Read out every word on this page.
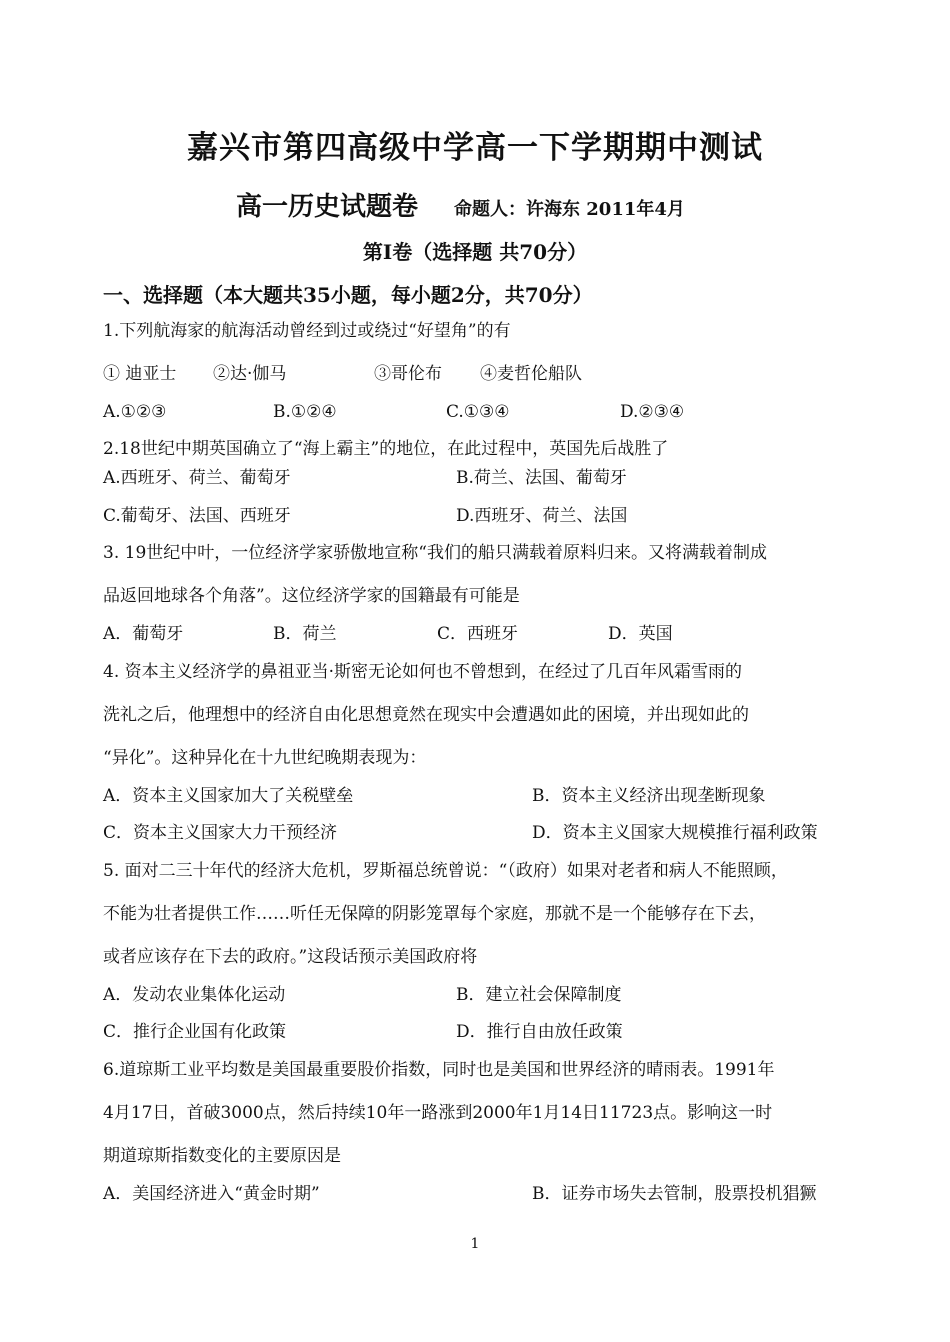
嘉兴市第四高级中学高一下学期期中测试
高一历史试题卷 命题人：许海东 2011年4月
第Ⅰ卷（选择题 共70分）
一、选择题（本大题共35小题，每小题2分，共70分）
1.下列航海家的航海活动曾经到过或绕过“好望角”的有
① 迪亚士 ②达·伽马	③哥伦布 ④麦哲伦船队
A.①②③	B.①②④	C.①③④	D.②③④
2.18世纪中期英国确立了“海上霸主”的地位，在此过程中，英国先后战胜了
A.西班牙、荷兰、葡萄牙	B.荷兰、法国、葡萄牙
C.葡萄牙、法国、西班牙	D.西班牙、荷兰、法国
3. 19世纪中叶，一位经济学家骄傲地宣称“我们的船只满载着原料归来。又将满载着制成
品返回地球各个角落”。这位经济学家的国籍最有可能是
A．葡萄牙	B．荷兰	C．西班牙	D．英国
4. 资本主义经济学的鼻祖亚当·斯密无论如何也不曾想到，在经过了几百年风霜雪雨的
洗礼之后，他理想中的经济自由化思想竟然在现实中会遭遇如此的困境，并出现如此的
“异化”。这种异化在十九世纪晚期表现为：
A．资本主义国家加大了关税壁垒	B．资本主义经济出现垄断现象
C．资本主义国家大力干预经济	D．资本主义国家大规模推行福利政策
5. 面对二三十年代的经济大危机，罗斯福总统曾说：“（政府）如果对老者和病人不能照顾，
不能为壮者提供工作……听任无保障的阴影笼罩每个家庭，那就不是一个能够存在下去，
或者应该存在下去的政府。”这段话预示美国政府将
A．发动农业集体化运动	B．建立社会保障制度
C．推行企业国有化政策	D．推行自由放任政策
6.道琼斯工业平均数是美国最重要股价指数，同时也是美国和世界经济的晴雨表。1991年
4月17日，首破3000点，然后持续10年一路涨到2000年1月14日11723点。影响这一时
期道琼斯指数变化的主要原因是
A．美国经济进入“黄金时期”	B．证券市场失去管制，股票投机猖獗
1
